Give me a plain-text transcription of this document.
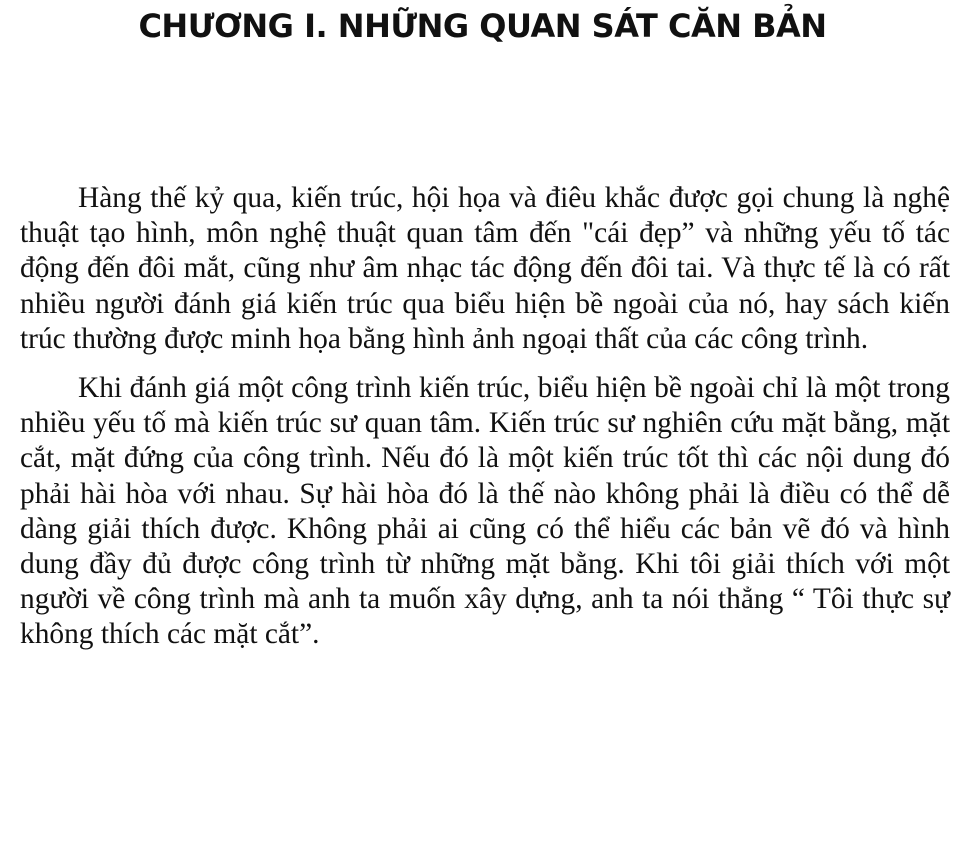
CHƯƠNG I. NHỮNG QUAN SÁT CĂN BẢN

Hàng thế kỷ qua, kiến trúc, hội họa và điêu khắc được gọi chung là nghệ thuật tạo hình, môn nghệ thuật quan tâm đến "cái đẹp” và những yếu tố tác động đến đôi mắt, cũng như âm nhạc tác động đến đôi tai. Và thực tế là có rất nhiều người đánh giá kiến trúc qua biểu hiện bề ngoài của nó, hay sách kiến trúc thường được minh họa bằng hình ảnh ngoại thất của các công trình.

Khi đánh giá một công trình kiến trúc, biểu hiện bề ngoài chỉ là một trong nhiều yếu tố mà kiến trúc sư quan tâm. Kiến trúc sư nghiên cứu mặt bằng, mặt cắt, mặt đứng của công trình. Nếu đó là một kiến trúc tốt thì các nội dung đó phải hài hòa với nhau. Sự hài hòa đó là thế nào không phải là điều có thể dễ dàng giải thích được. Không phải ai cũng có thể hiểu các bản vẽ đó và hình dung đầy đủ được công trình từ những mặt bằng. Khi tôi giải thích với một người về công trình mà anh ta muốn xây dựng, anh ta nói thẳng “ Tôi thực sự không thích các mặt cắt”.
